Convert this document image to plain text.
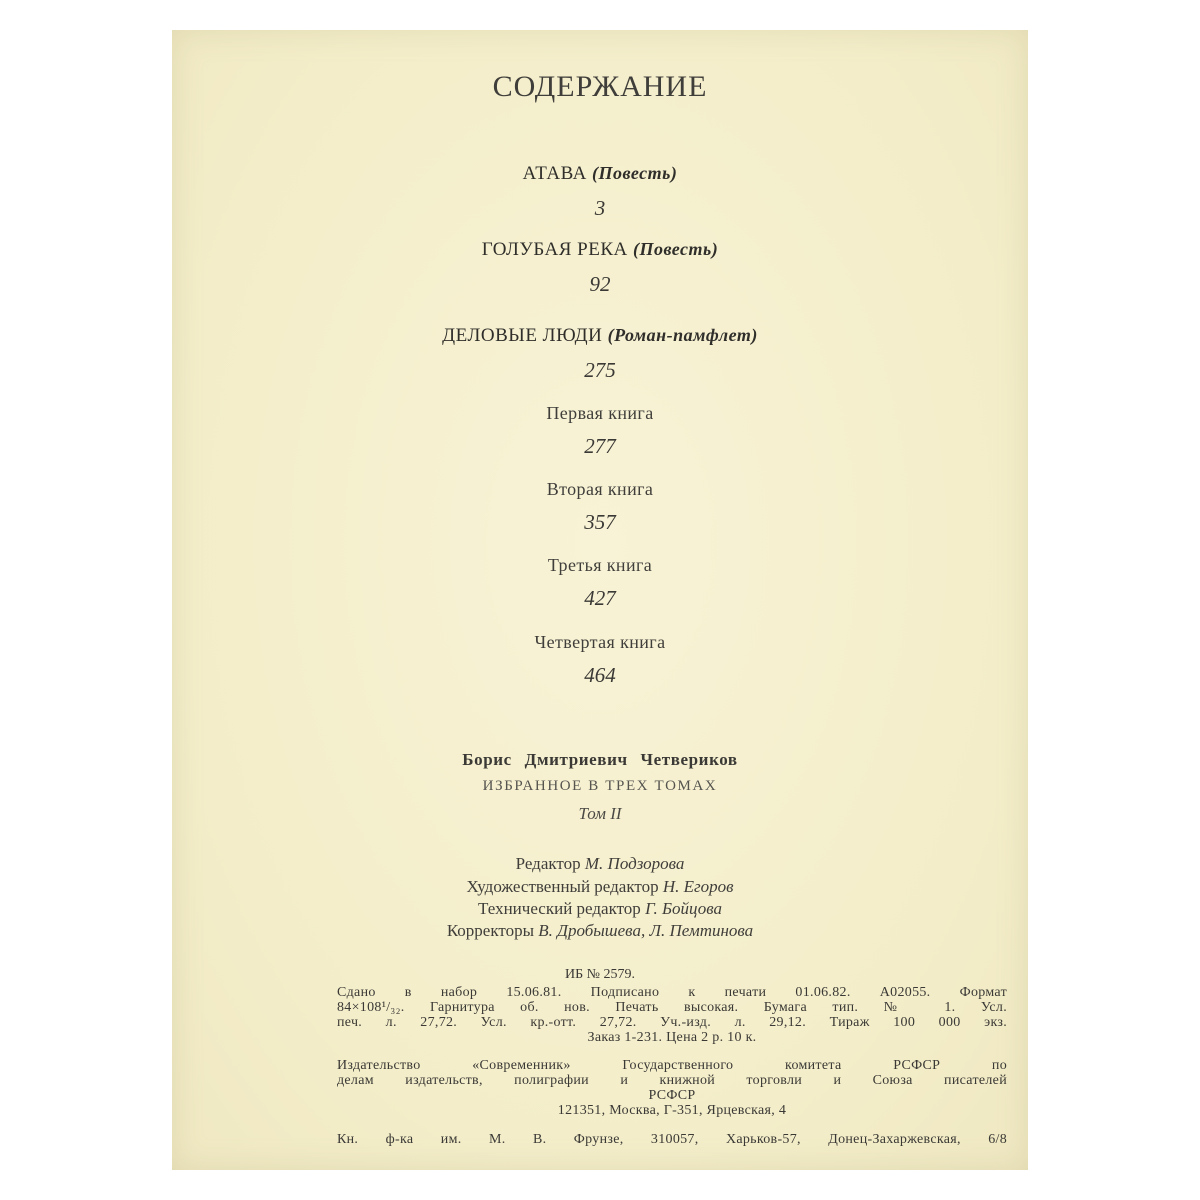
СОДЕРЖАНИЕ
АТАВА (Повесть)
3
ГОЛУБАЯ РЕКА (Повесть)
92
ДЕЛОВЫЕ ЛЮДИ (Роман-памфлет)
275
Первая книга
277
Вторая книга
357
Третья книга
427
Четвертая книга
464
Борис Дмитриевич Четвериков
ИЗБРАННОЕ В ТРЕХ ТОМАХ
Том II
Редактор М. Подзорова
Художественный редактор Н. Егоров
Технический редактор Г. Бойцова
Корректоры В. Дробышева, Л. Пемтинова
ИБ № 2579.
Сдано в набор 15.06.81. Подписано к печати 01.06.82. А02055. Формат
84×108¹/₃₂. Гарнитура об. нов. Печать высокая. Бумага тип. № 1. Усл.
печ. л. 27,72. Усл. кр.-отт. 27,72. Уч.-изд. л. 29,12. Тираж 100 000 экз.
Заказ 1-231. Цена 2 р. 10 к.
Издательство «Современник» Государственного комитета РСФСР по
делам издательств, полиграфии и книжной торговли и Союза писателей
РСФСР
121351, Москва, Г-351, Ярцевская, 4
Кн. ф-ка им. М. В. Фрунзе, 310057, Харьков-57, Донец-Захаржевская, 6/8
